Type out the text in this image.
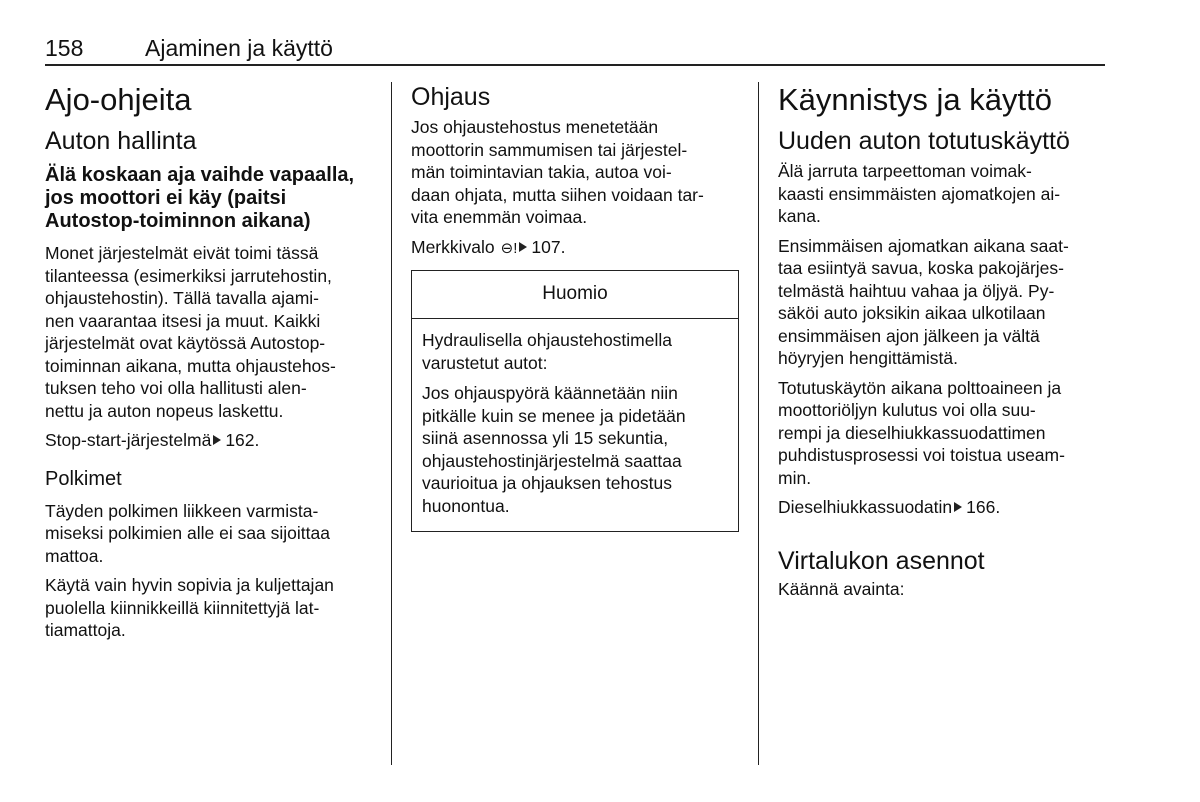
158	Ajaminen ja käyttö
Ajo-ohjeita
Auton hallinta
Älä koskaan aja vaihde vapaalla,
jos moottori ei käy (paitsi
Autostop-toiminnon aikana)

Monet järjestelmät eivät toimi tässä
tilanteessa (esimerkiksi jarrutehostin,
ohjaustehostin). Tällä tavalla ajami-
nen vaarantaa itsesi ja muut. Kaikki
järjestelmät ovat käytössä Autostop-
toiminnan aikana, mutta ohjaustehos-
tuksen teho voi olla hallitusti alen-
nettu ja auton nopeus laskettu.

Stop-start-järjestelmä 162.

Polkimet

Täyden polkimen liikkeen varmista-
miseksi polkimien alle ei saa sijoittaa
mattoa.

Käytä vain hyvin sopivia ja kuljettajan
puolella kiinnikkeillä kiinnitettyjä lat-
tiamattoja.

Ohjaus

Jos ohjaustehostus menetetään
moottorin sammumisen tai järjestel-
män toimintavian takia, autoa voi-
daan ohjata, mutta siihen voidaan tar-
vita enemmän voimaa.

Merkkivalo ⊖! 107.

Huomio

Hydraulisella ohjaustehostimella
varustetut autot:

Jos ohjauspyörä käännetään niin
pitkälle kuin se menee ja pidetään
siinä asennossa yli 15 sekuntia,
ohjaustehostinjärjestelmä saattaa
vaurioitua ja ohjauksen tehostus
huonontua.

Käynnistys ja käyttö
Uuden auton totutuskäyttö

Älä jarruta tarpeettoman voimak-
kaasti ensimmäisten ajomatkojen ai-
kana.

Ensimmäisen ajomatkan aikana saat-
taa esiintyä savua, koska pakojärjes-
telmästä haihtuu vahaa ja öljyä. Py-
säköi auto joksikin aikaa ulkotilaan
ensimmäisen ajon jälkeen ja vältä
höyryjen hengittämistä.

Totutuskäytön aikana polttoaineen ja
moottoriöljyn kulutus voi olla suu-
rempi ja dieselhiukkassuodattimen
puhdistusprosessi voi toistua useam-
min.

Dieselhiukkassuodatin 166.

Virtalukon asennot

Käännä avainta:
